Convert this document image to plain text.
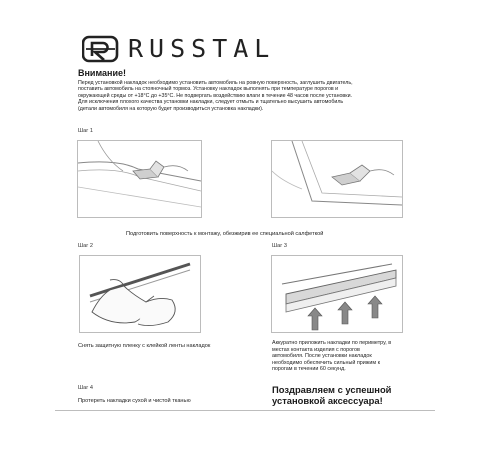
RUSSTAL
Внимание!
Перед установкой накладок необходимо установить автомобиль на ровную поверхность, заглушить двигатель,
поставить автомобиль на стояночный тормоз. Установку накладок выполнять при температуре порогов и
окружающей среды от +18°С до +35°С. Не подвергать воздействию влаги в течение 48 часов после установки.
Для исключения плохого качества установки накладки, следует отмыть и тщательно высушить автомобиль
(детали автомобиля на которую будет производиться установка накладки).
Шаг 1
Подготовить поверхность к монтажу, обезжирив ее специальной салфеткой
Шаг 2
Снять защитную пленку с клейкой ленты накладок
Шаг 3
Аккуратно приложить накладки по периметру, в
местах контакта изделия с порогов
автомобиля. После установки накладок
необходимо обеспечить сильный прижим к
порогам в течении 60 секунд.
Шаг 4
Протереть накладки сухой и чистой тканью
Поздравляем с успешной
установкой аксессуара!
